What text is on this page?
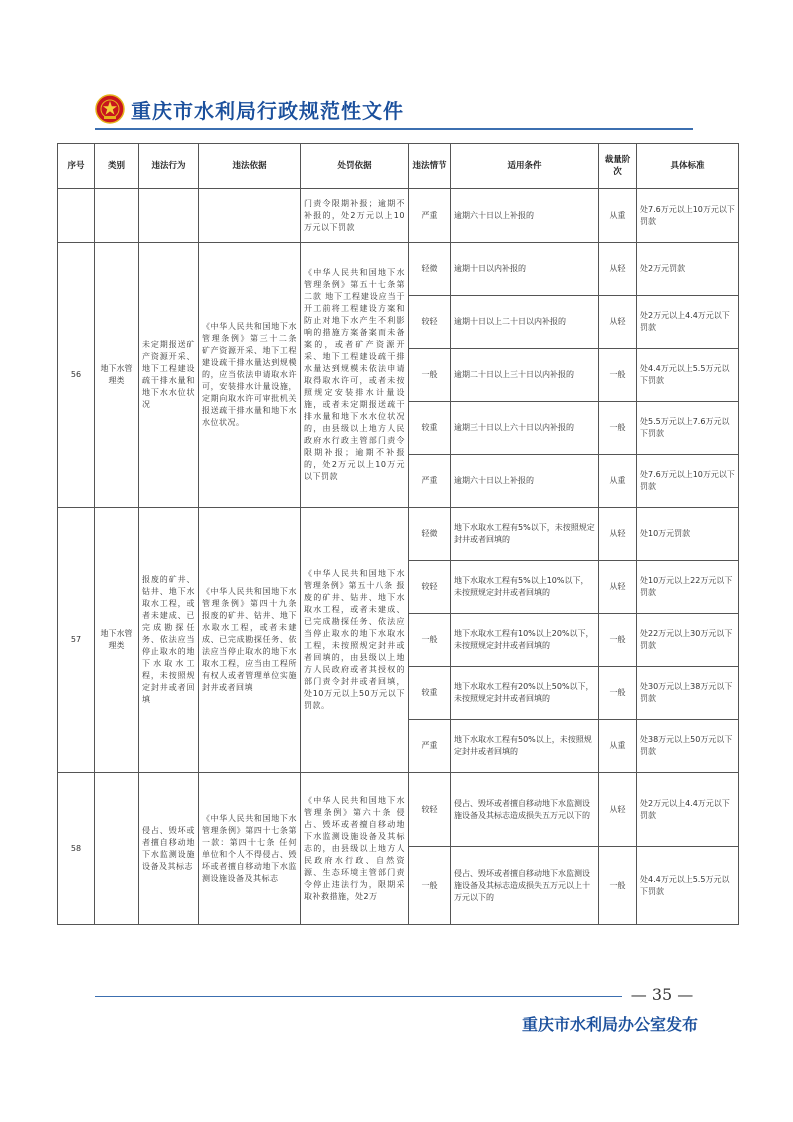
重庆市水利局行政规范性文件
序号	类别	违法行为	违法依据	处罚依据	违法情节	适用条件	裁量阶次	具体标准
				门责令限期补报；逾期不补报的，处2万元以上10万元以下罚款	严重	逾期六十日以上补报的	从重	处7.6万元以上10万元以下罚款
56	地下水管理类	未定期报送矿产资源开采、地下工程建设疏干排水量和地下水水位状况	《中华人民共和国地下水管理条例》第三十二条 矿产资源开采、地下工程建设疏干排水量达到规模的，应当依法申请取水许可，安装排水计量设施，定期向取水许可审批机关报送疏干排水量和地下水水位状况。	《中华人民共和国地下水管理条例》第五十七条第二款 地下工程建设应当于开工前将工程建设方案和防止对地下水产生不利影响的措施方案备案而未备案的，或者矿产资源开采、地下工程建设疏干排水量达到规模未依法申请取得取水许可，或者未按照规定安装排水计量设施，或者未定期报送疏干排水量和地下水水位状况的，由县级以上地方人民政府水行政主管部门责令限期补报；逾期不补报的，处2万元以上10万元以下罚款	轻微	逾期十日以内补报的	从轻	处2万元罚款
					较轻	逾期十日以上二十日以内补报的	从轻	处2万元以上4.4万元以下罚款
					一般	逾期二十日以上三十日以内补报的	一般	处4.4万元以上5.5万元以下罚款
					较重	逾期三十日以上六十日以内补报的	一般	处5.5万元以上7.6万元以下罚款
					严重	逾期六十日以上补报的	从重	处7.6万元以上10万元以下罚款
57	地下水管理类	报废的矿井、钻井、地下水取水工程，或者未建成、已完成勘探任务、依法应当停止取水的地下水取水工程，未按照规定封井或者回填	《中华人民共和国地下水管理条例》第四十九条 报废的矿井、钻井、地下水取水工程，或者未建成、已完成勘探任务、依法应当停止取水的地下水取水工程，应当由工程所有权人或者管理单位实施封井或者回填	《中华人民共和国地下水管理条例》第五十八条 报废的矿井、钻井、地下水取水工程，或者未建成、已完成勘探任务、依法应当停止取水的地下水取水工程，未按照规定封井或者回填的，由县级以上地方人民政府或者其授权的部门责令封井或者回填，处10万元以上50万元以下罚款。	轻微	地下水取水工程有5%以下，未按照规定封井或者回填的	从轻	处10万元罚款
					较轻	地下水取水工程有5%以上10%以下，未按照规定封井或者回填的	从轻	处10万元以上22万元以下罚款
					一般	地下水取水工程有10%以上20%以下，未按照规定封井或者回填的	一般	处22万元以上30万元以下罚款
					较重	地下水取水工程有20%以上50%以下，未按照规定封井或者回填的	一般	处30万元以上38万元以下罚款
					严重	地下水取水工程有50%以上，未按照规定封井或者回填的	从重	处38万元以上50万元以下罚款
58		侵占、毁坏或者擅自移动地下水监测设施设备及其标志	《中华人民共和国地下水管理条例》第四十七条第一款：第四十七条 任何单位和个人不得侵占、毁坏或者擅自移动地下水监测设施设备及其标志	《中华人民共和国地下水管理条例》第六十条 侵占、毁坏或者擅自移动地下水监测设施设备及其标志的，由县级以上地方人民政府水行政、自然资源、生态环境主管部门责令停止违法行为，限期采取补救措施，处2万	较轻	侵占、毁坏或者擅自移动地下水监测设施设备及其标志造成损失五万元以下的	从轻	处2万元以上4.4万元以下罚款
					一般	侵占、毁坏或者擅自移动地下水监测设施设备及其标志造成损失五万元以上十万元以下的	一般	处4.4万元以上5.5万元以下罚款
— 35 —
重庆市水利局办公室发布
